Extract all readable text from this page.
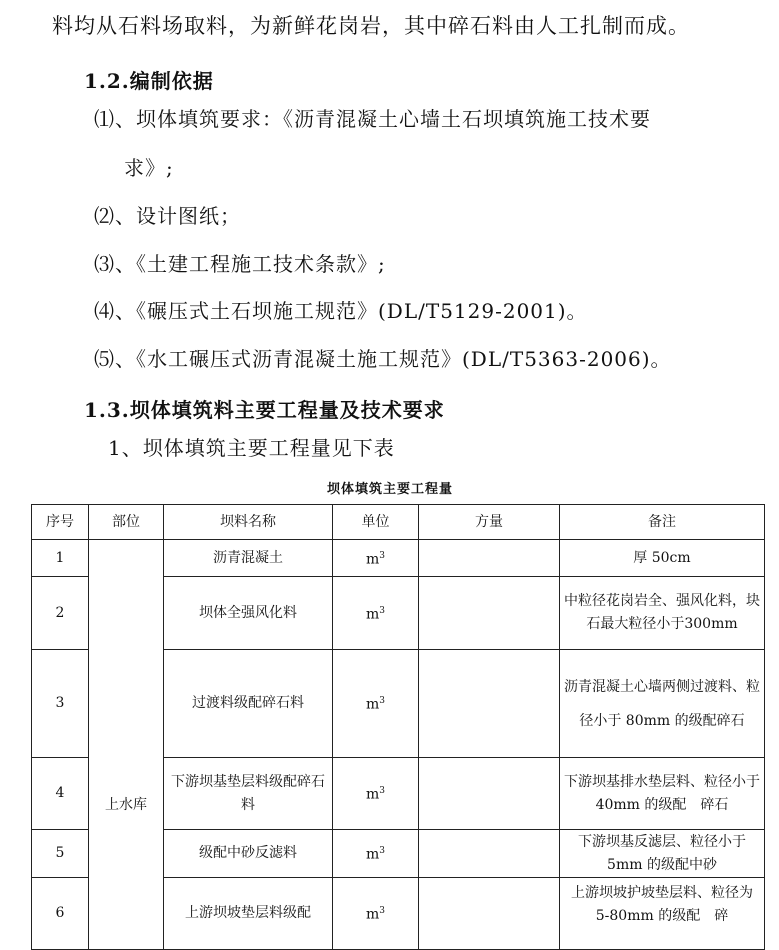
料均从石料场取料，为新鲜花岗岩，其中碎石料由人工扎制而成。
1.2.编制依据
⑴、坝体填筑要求：《沥青混凝土心墙土石坝填筑施工技术要
求》;
⑵、设计图纸；
⑶、《土建工程施工技术条款》;
⑷、《碾压式土石坝施工规范》(DL/T5129-2001)。
⑸、《水工碾压式沥青混凝土施工规范》(DL/T5363-2006)。
1.3.坝体填筑料主要工程量及技术要求
1、坝体填筑主要工程量见下表
坝体填筑主要工程量
序号	部位	坝料名称	单位	方量	备注
1	上水库	沥青混凝土	$m^3$		厚 50cm
2		坝体全强风化料	$m^3$		中粒径花岗岩全、强风化料，块石最大粒径小于300mm
3		过渡料级配碎石料	$m^3$		沥青混凝土心墙两侧过渡料、粒径小于 80mm 的级配碎石
4		下游坝基垫层料级配碎石料	$m^3$		下游坝基排水垫层料、粒径小于 40mm 的级配　碎石
5		级配中砂反滤料	$m^3$		下游坝基反滤层、粒径小于 5mm 的级配中砂
6		上游坝坡垫层料级配	$m^3$		上游坝坡护坡垫层料、粒径为 5-80mm 的级配　碎
